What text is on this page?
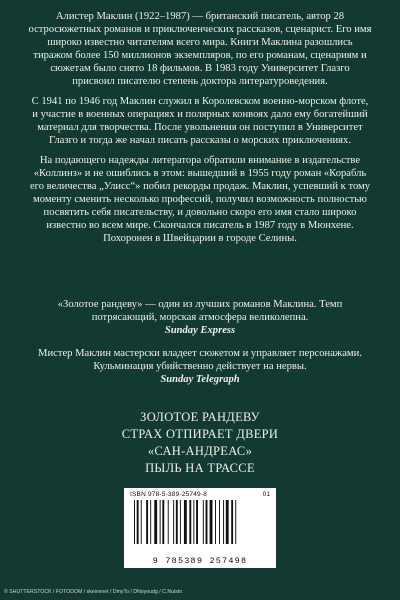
Алистер Маклин (1922–1987) — британский писатель, автор 28 остросюжетных романов и приключенческих рассказов, сценарист. Его имя широко известно читателям всего мира. Книги Маклина разошлись тиражом более 150 миллионов экземпляров, по его романам, сценариям и сюжетам было снято 18 фильмов. В 1983 году Университет Глазго присвоил писателю степень доктора литературоведения.

С 1941 по 1946 год Маклин служил в Королевском военно-морском флоте, и участие в военных операциях и полярных конвоях дало ему богатейший материал для творчества. После увольнения он поступил в Университет Глазго и тогда же начал писать рассказы о морских приключениях.

На подающего надежды литератора обратили внимание в издательстве «Коллинз» и не ошиблись в этом: вышедший в 1955 году роман «Корабль его величества „Улисс“» побил рекорды продаж. Маклин, успевший к тому моменту сменить несколько профессий, получил возможность полностью посвятить себя писательству, и довольно скоро его имя стало широко известно во всем мире. Скончался писатель в 1987 году в Мюнхене. Похоронен в Швейцарии в городе Селины.

«Золотое рандеву» — один из лучших романов Маклина. Темп потрясающий, морская атмосфера великолепна.
Sunday Express
Мистер Маклин мастерски владеет сюжетом и управляет персонажами. Кульминация убийственно действует на нервы.
Sunday Telegraph
ЗОЛОТОЕ РАНДЕВУ
СТРАХ ОТПИРАЕТ ДВЕРИ
«САН-АНДРЕАС»
ПЫЛЬ НА ТРАССЕ
ISBN 978-5-389-25749-8	01
9 785389 257498
© SHUTTERSTOCK / FOTODOM / skeinevet / DmyTo / DNoyeudg / C.Nuistn
